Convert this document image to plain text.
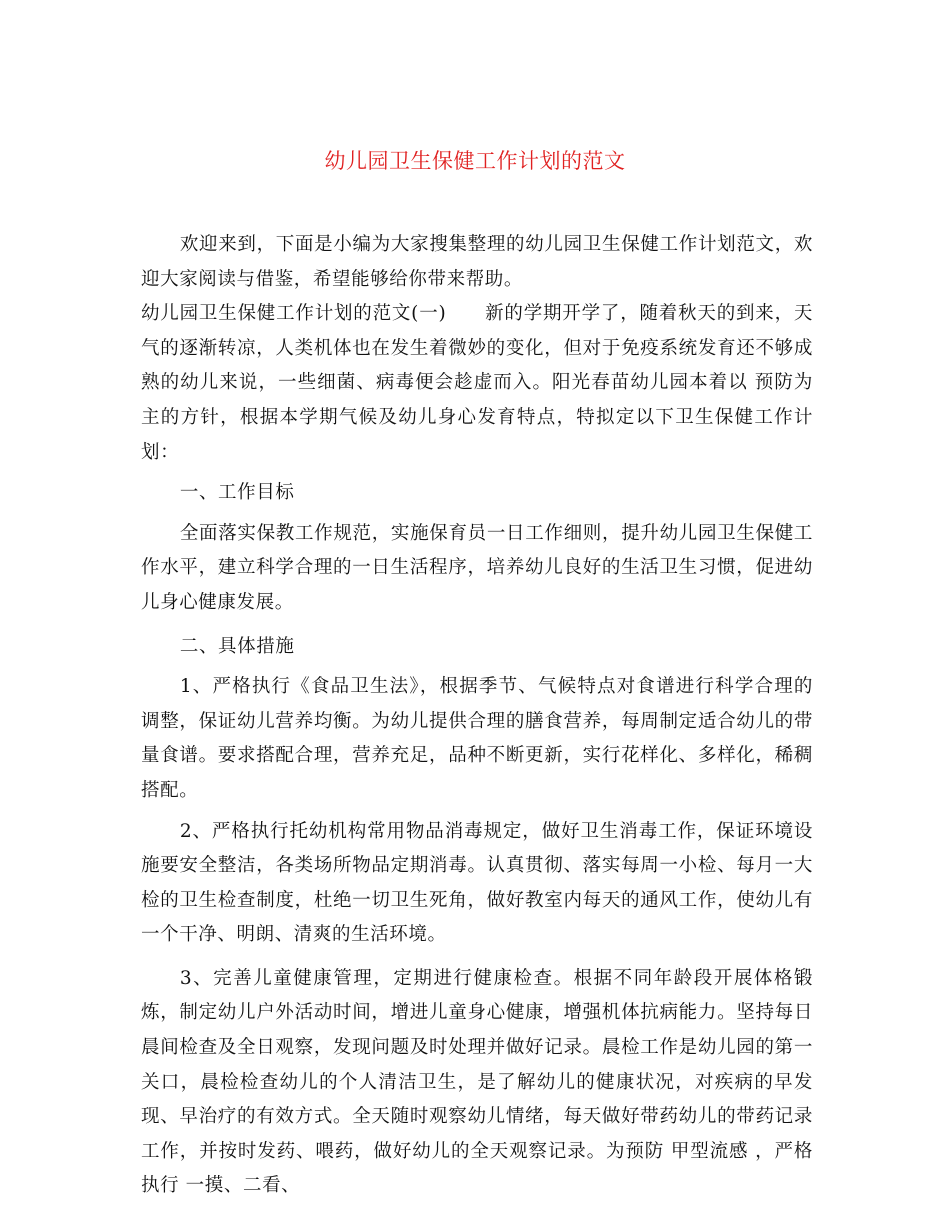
幼儿园卫生保健工作计划的范文

欢迎来到，下面是小编为大家搜集整理的幼儿园卫生保健工作计划范文，欢迎大家阅读与借鉴，希望能够给你带来帮助。

幼儿园卫生保健工作计划的范文(一)　　新的学期开学了，随着秋天的到来，天气的逐渐转凉，人类机体也在发生着微妙的变化，但对于免疫系统发育还不够成熟的幼儿来说，一些细菌、病毒便会趁虚而入。阳光春苗幼儿园本着以 预防为主的方针，根据本学期气候及幼儿身心发育特点，特拟定以下卫生保健工作计划：

一、工作目标

全面落实保教工作规范，实施保育员一日工作细则，提升幼儿园卫生保健工作水平，建立科学合理的一日生活程序，培养幼儿良好的生活卫生习惯，促进幼儿身心健康发展。

二、具体措施

1、严格执行《食品卫生法》，根据季节、气候特点对食谱进行科学合理的调整，保证幼儿营养均衡。为幼儿提供合理的膳食营养，每周制定适合幼儿的带量食谱。要求搭配合理，营养充足，品种不断更新，实行花样化、多样化，稀稠搭配。

2、严格执行托幼机构常用物品消毒规定，做好卫生消毒工作，保证环境设施要安全整洁，各类场所物品定期消毒。认真贯彻、落实每周一小检、每月一大检的卫生检查制度，杜绝一切卫生死角，做好教室内每天的通风工作，使幼儿有一个干净、明朗、清爽的生活环境。

3、完善儿童健康管理，定期进行健康检查。根据不同年龄段开展体格锻炼，制定幼儿户外活动时间，增进儿童身心健康，增强机体抗病能力。坚持每日晨间检查及全日观察，发现问题及时处理并做好记录。晨检工作是幼儿园的第一关口，晨检检查幼儿的个人清洁卫生，是了解幼儿的健康状况，对疾病的早发现、早治疗的有效方式。全天随时观察幼儿情绪，每天做好带药幼儿的带药记录工作，并按时发药、喂药，做好幼儿的全天观察记录。为预防 甲型流感 ，严格执行 一摸、二看、
